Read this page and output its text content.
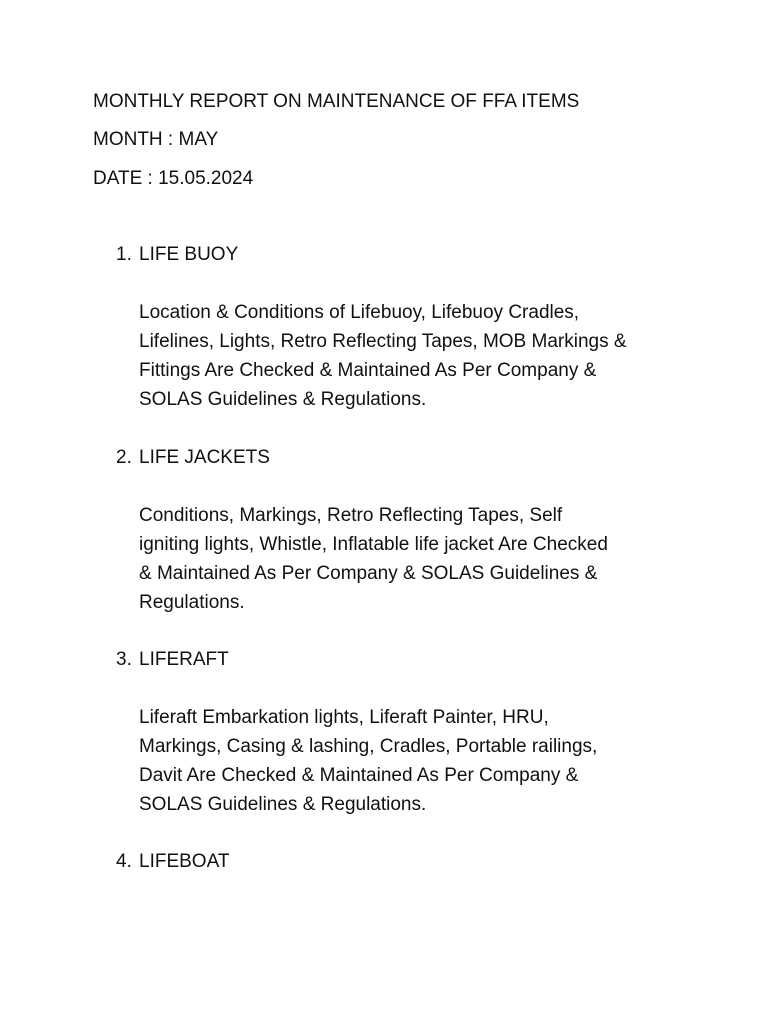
MONTHLY REPORT ON MAINTENANCE OF FFA ITEMS
MONTH : MAY
DATE : 15.05.2024
1. LIFE BUOY
Location & Conditions of Lifebuoy, Lifebuoy Cradles,
Lifelines, Lights, Retro Reflecting Tapes, MOB Markings &
Fittings Are Checked & Maintained As Per Company &
SOLAS Guidelines & Regulations.
2. LIFE JACKETS
Conditions, Markings, Retro Reflecting Tapes, Self
igniting lights, Whistle, Inflatable life jacket Are Checked
& Maintained As Per Company & SOLAS Guidelines &
Regulations.
3. LIFERAFT
Liferaft Embarkation lights, Liferaft Painter, HRU,
Markings, Casing & lashing, Cradles, Portable railings,
Davit Are Checked & Maintained As Per Company &
SOLAS Guidelines & Regulations.
4. LIFEBOAT
